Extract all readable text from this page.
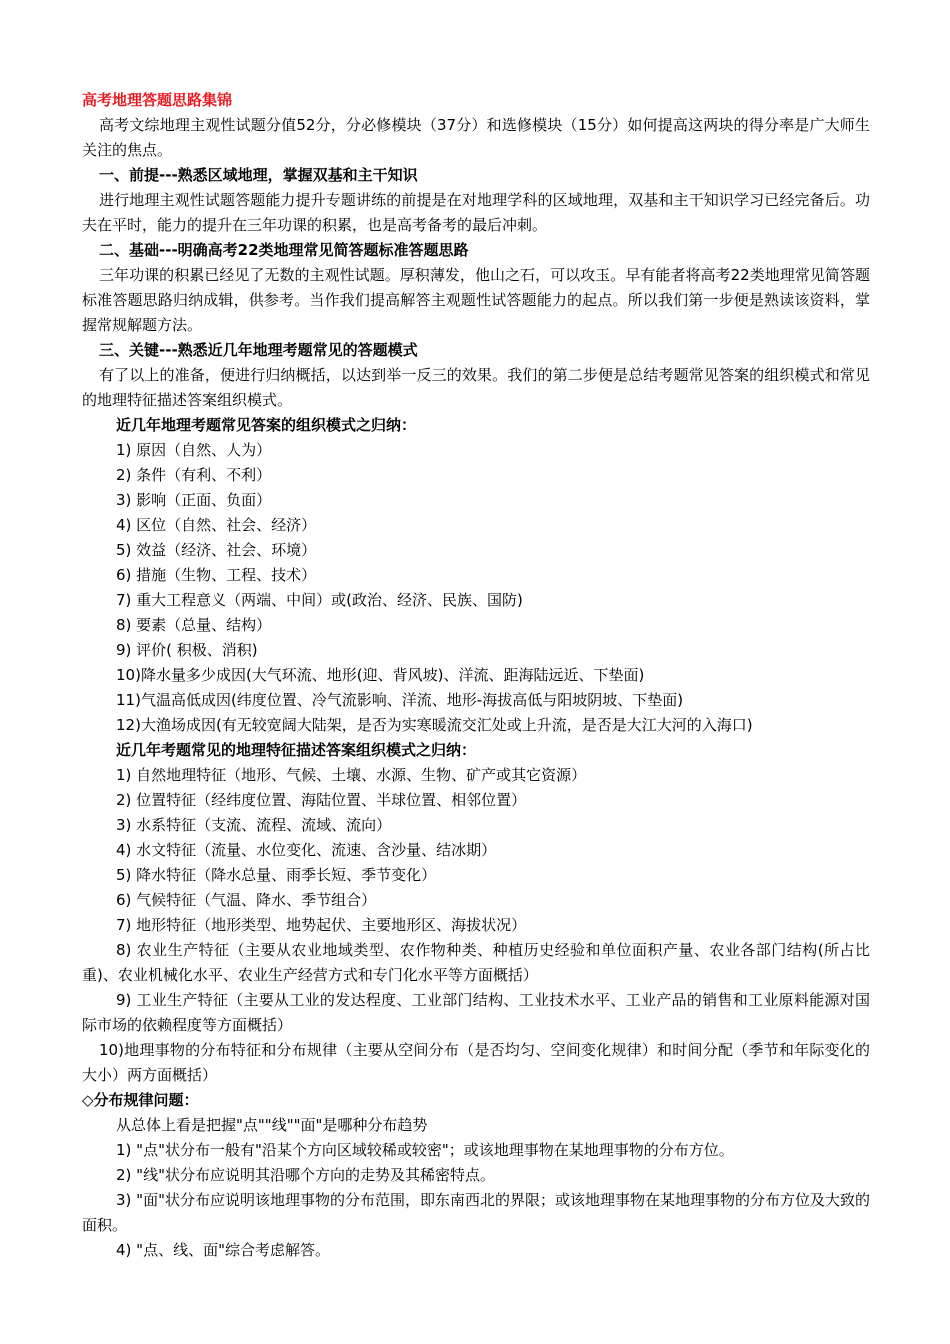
高考地理答题思路集锦

高考文综地理主观性试题分值52分，分必修模块（37分）和选修模块（15分）如何提高这两块的得分率是广大师生关注的焦点。

一、前提---熟悉区域地理，掌握双基和主干知识

进行地理主观性试题答题能力提升专题讲练的前提是在对地理学科的区域地理，双基和主干知识学习已经完备后。功夫在平时，能力的提升在三年功课的积累，也是高考备考的最后冲刺。

二、基础---明确高考22类地理常见简答题标准答题思路

三年功课的积累已经见了无数的主观性试题。厚积薄发，他山之石，可以攻玉。早有能者将高考22类地理常见简答题标准答题思路归纳成辑，供参考。当作我们提高解答主观题性试答题能力的起点。所以我们第一步便是熟读该资料，掌握常规解题方法。

三、关键---熟悉近几年地理考题常见的答题模式

有了以上的准备，便进行归纳概括，以达到举一反三的效果。我们的第二步便是总结考题常见答案的组织模式和常见的地理特征描述答案组织模式。

近几年地理考题常见答案的组织模式之归纳：

1) 原因（自然、人为）

2) 条件（有利、不利）

3) 影响（正面、负面）

4) 区位（自然、社会、经济）

5) 效益（经济、社会、环境）

6) 措施（生物、工程、技术）

7) 重大工程意义（两端、中间）或(政治、经济、民族、国防)

8) 要素（总量、结构）

9) 评价( 积极、消积)

10)降水量多少成因(大气环流、地形(迎、背风坡)、洋流、距海陆远近、下垫面)

11)气温高低成因(纬度位置、冷气流影响、洋流、地形-海拔高低与阳坡阴坡、下垫面)

12)大渔场成因(有无较宽阔大陆架，是否为实寒暖流交汇处或上升流，是否是大江大河的入海口)

近几年考题常见的地理特征描述答案组织模式之归纳：

1) 自然地理特征（地形、气候、土壤、水源、生物、矿产或其它资源）

2) 位置特征（经纬度位置、海陆位置、半球位置、相邻位置）

3) 水系特征（支流、流程、流域、流向）

4) 水文特征（流量、水位变化、流速、含沙量、结冰期）

5) 降水特征（降水总量、雨季长短、季节变化）

6) 气候特征（气温、降水、季节组合）

7) 地形特征（地形类型、地势起伏、主要地形区、海拔状况）

8) 农业生产特征（主要从农业地域类型、农作物种类、种植历史经验和单位面积产量、农业各部门结构(所占比重)、农业机械化水平、农业生产经营方式和专门化水平等方面概括）

9) 工业生产特征（主要从工业的发达程度、工业部门结构、工业技术水平、工业产品的销售和工业原料能源对国际市场的依赖程度等方面概括）

10)地理事物的分布特征和分布规律（主要从空间分布（是否均匀、空间变化规律）和时间分配（季节和年际变化的大小）两方面概括）

◇分布规律问题：

从总体上看是把握"点""线""面"是哪种分布趋势

1) "点"状分布一般有"沿某个方向区域较稀或较密"；或该地理事物在某地理事物的分布方位。

2) "线"状分布应说明其沿哪个方向的走势及其稀密特点。

3) "面"状分布应说明该地理事物的分布范围，即东南西北的界限；或该地理事物在某地理事物的分布方位及大致的面积。

4) "点、线、面"综合考虑解答。
